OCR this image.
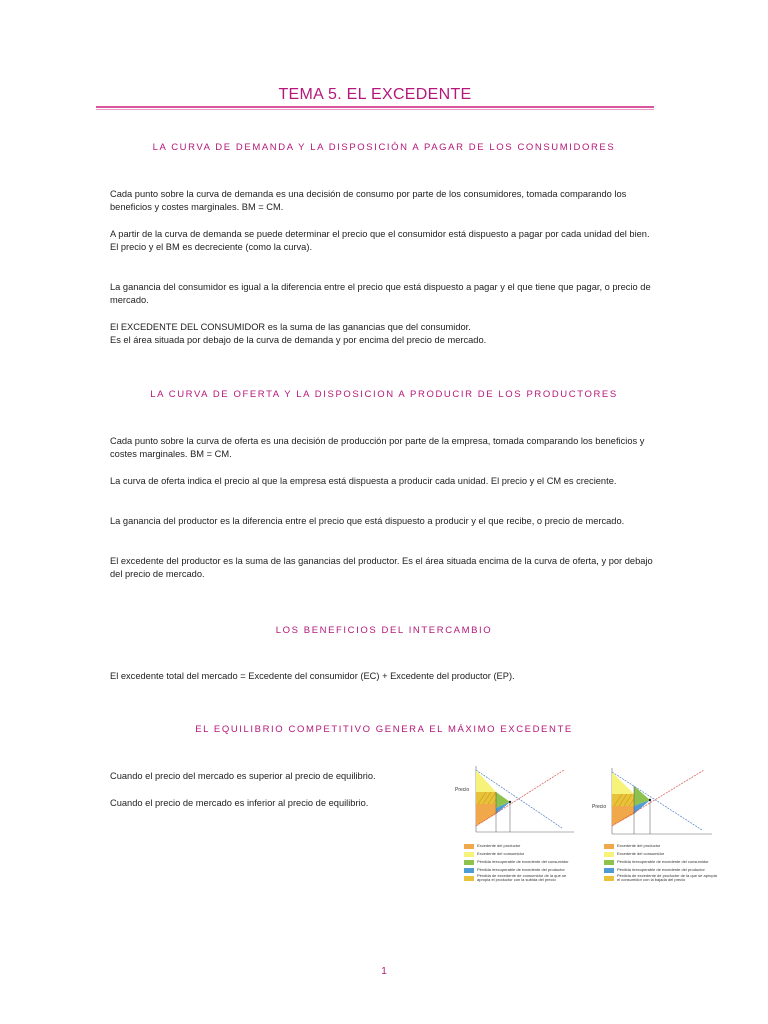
TEMA 5. EL EXCEDENTE
LA CURVA DE DEMANDA Y LA DISPOSICIÓN A PAGAR DE LOS CONSUMIDORES

Cada punto sobre la curva de demanda es una decisión de consumo por parte de los consumidores, tomada comparando los beneficios y costes marginales. BM = CM.

A partir de la curva de demanda se puede determinar el precio que el consumidor está dispuesto a pagar por cada unidad del bien. El precio y el BM es decreciente (como la curva).

La ganancia del consumidor es igual a la diferencia entre el precio que está dispuesto a pagar y el que tiene que pagar, o precio de mercado.

El EXCEDENTE DEL CONSUMIDOR es la suma de las ganancias que del consumidor.

Es el área situada por debajo de la curva de demanda y por encima del precio de mercado.

LA CURVA DE OFERTA Y LA DISPOSICION A PRODUCIR DE LOS PRODUCTORES

Cada punto sobre la curva de oferta es una decisión de producción por parte de la empresa, tomada comparando los beneficios y costes marginales. BM = CM.

La curva de oferta indica el precio al que la empresa está dispuesta a producir cada unidad. El precio y el CM es creciente.

La ganancia del productor es la diferencia entre el precio que está dispuesto a producir y el que recibe, o precio de mercado.

El excedente del productor es la suma de las ganancias del productor. Es el área situada encima de la curva de oferta, y por debajo del precio de mercado.

LOS BENEFICIOS DEL INTERCAMBIO

El excedente total del mercado = Excedente del consumidor (EC) + Excedente del productor (EP).

EL EQUILIBRIO COMPETITIVO GENERA EL MÁXIMO EXCEDENTE

Cuando el precio del mercado es superior al precio de equilibrio.

Cuando el precio de mercado es inferior al precio de equilibrio.

Precio
Excedente del productor
Excedente del consumidor
Pérdida irrecuperable de excedente del consumidor
Pérdida irrecuperable de excedente del productor
Pérdida de excedente de consumidor de la que se apropia el productor con la subida del precio
Precio
Excedente del productor
Excedente del consumidor
Pérdida irrecuperable de excedente del consumidor
Pérdida irrecuperable de excedente del productor
Pérdida de excedente de productor de la que se apropia el consumidor con la bajada del precio
1
